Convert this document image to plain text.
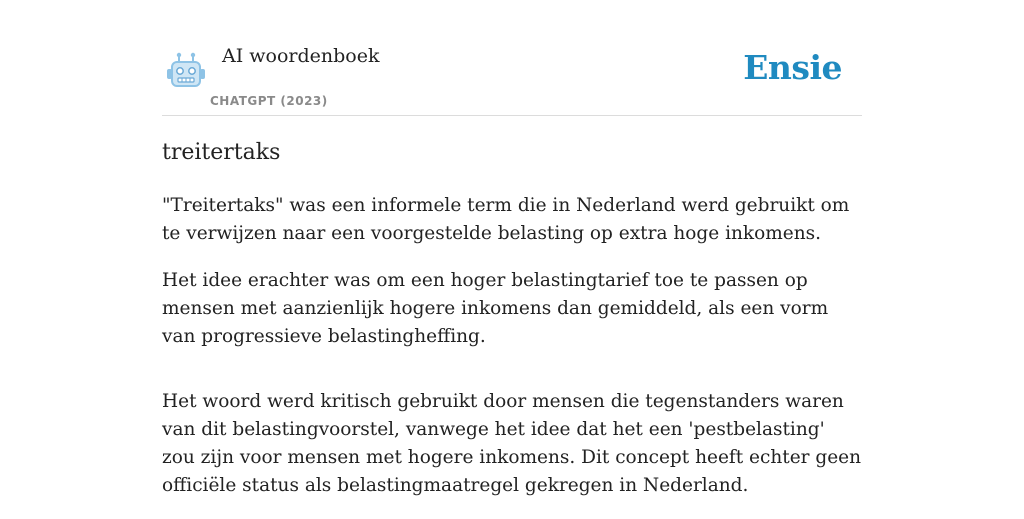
AI woordenboek
CHATGPT (2023)
Ensie
treitertaks

"Treitertaks" was een informele term die in Nederland werd gebruikt om te verwijzen naar een voorgestelde belasting op extra hoge inkomens.

Het idee erachter was om een hoger belastingtarief toe te passen op mensen met aanzienlijk hogere inkomens dan gemiddeld, als een vorm van progressieve belastingheffing.

Het woord werd kritisch gebruikt door mensen die tegenstanders waren van dit belastingvoorstel, vanwege het idee dat het een 'pestbelasting' zou zijn voor mensen met hogere inkomens. Dit concept heeft echter geen officiële status als belastingmaatregel gekregen in Nederland.
